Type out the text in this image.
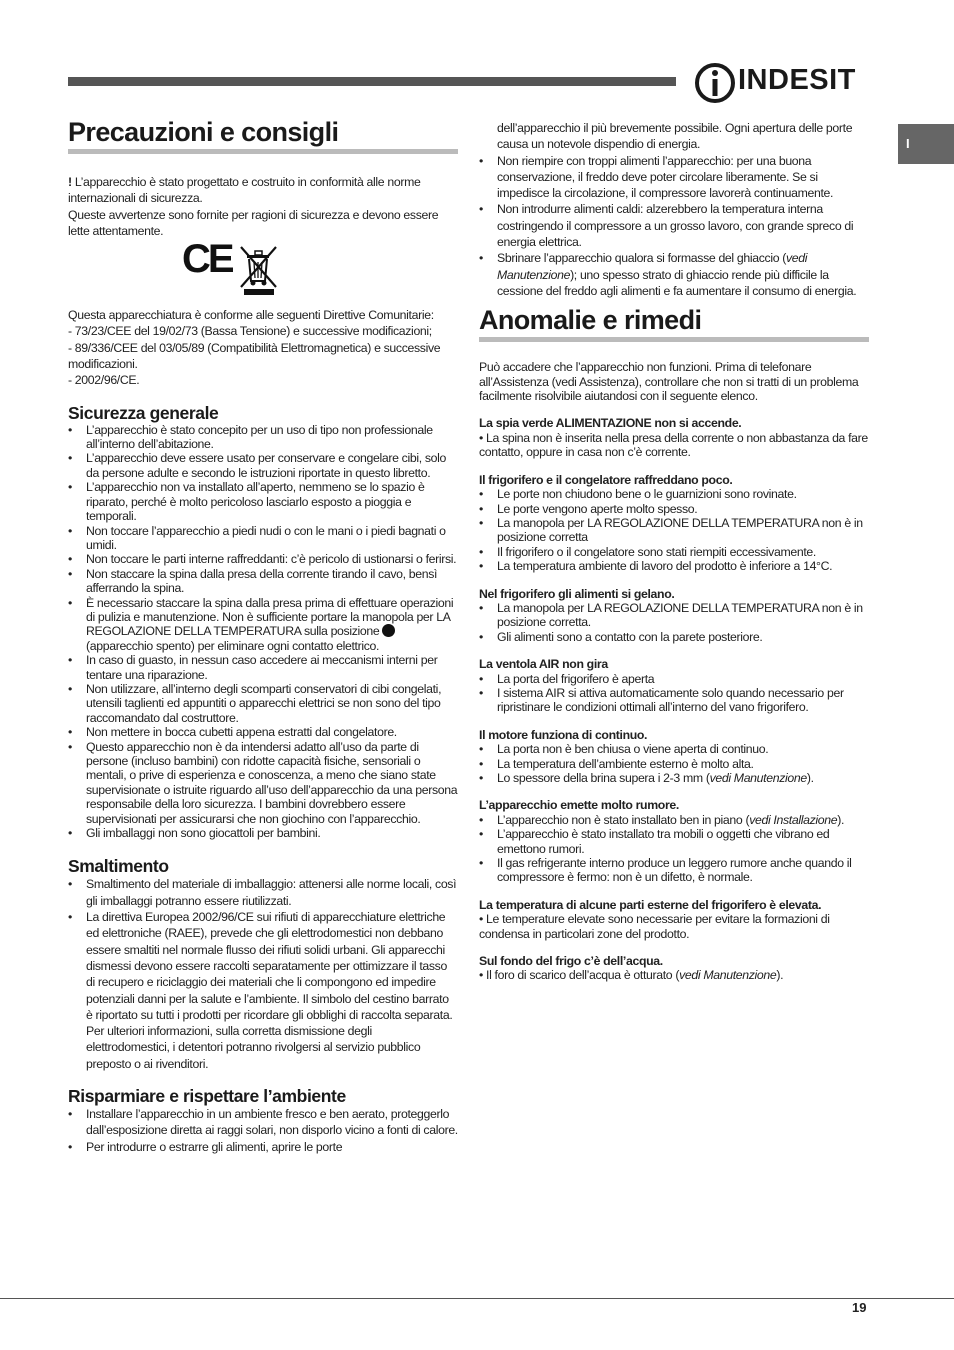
INDESIT
I
Precauzioni e consigli

! L’apparecchio è stato progettato e costruito in conformità alle norme internazionali di sicurezza.

Queste avvertenze sono fornite per ragioni di sicurezza e devono essere lette attentamente.

CE

Questa apparecchiatura è conforme alle seguenti Direttive Comunitarie:

- 73/23/CEE del 19/02/73 (Bassa Tensione) e successive modificazioni;

- 89/336/CEE del 03/05/89 (Compatibilità Elettromagnetica) e successive modificazioni.

- 2002/96/CE.

Sicurezza generale
• L’apparecchio è stato concepito per un uso di tipo non professionale all’interno dell’abitazione.
• L’apparecchio deve essere usato per conservare e congelare cibi, solo da persone adulte e secondo le istruzioni riportate in questo libretto.
• L’apparecchio non va installato all’aperto, nemmeno se lo spazio è riparato, perché è molto pericoloso lasciarlo esposto a pioggia e temporali.
• Non toccare l’apparecchio a piedi nudi o con le mani o i piedi bagnati o umidi.
• Non toccare le parti interne raffreddanti: c’è pericolo di ustionarsi o ferirsi.
• Non staccare la spina dalla presa della corrente tirando il cavo, bensì afferrando la spina.
• È necessario staccare la spina dalla presa prima di effettuare operazioni di pulizia e manutenzione. Non è sufficiente portare la manopola per LA REGOLAZIONE DELLA TEMPERATURA sulla posizione (apparecchio spento) per eliminare ogni contatto elettrico.
• In caso di guasto, in nessun caso accedere ai meccanismi interni per tentare una riparazione.
• Non utilizzare, all’interno degli scomparti conservatori di cibi congelati, utensili taglienti ed appuntiti o apparecchi elettrici se non sono del tipo raccomandato dal costruttore.
• Non mettere in bocca cubetti appena estratti dal congelatore.
• Questo apparecchio non è da intendersi adatto all’uso da parte di persone (incluso bambini) con ridotte capacità fisiche, sensoriali o mentali, o prive di esperienza e conoscenza, a meno che siano state supervisionate o istruite riguardo all’uso dell’apparecchio da una persona responsabile della loro sicurezza. I bambini dovrebbero essere supervisionati per assicurarsi che non giochino con l’apparecchio.
• Gli imballaggi non sono giocattoli per bambini.
Smaltimento
• Smaltimento del materiale di imballaggio: attenersi alle norme locali, così gli imballaggi potranno essere riutilizzati.
• La direttiva Europea 2002/96/CE sui rifiuti di apparecchiature elettriche ed elettroniche (RAEE), prevede che gli elettrodomestici non debbano essere smaltiti nel normale flusso dei rifiuti solidi urbani. Gli apparecchi dismessi devono essere raccolti separatamente per ottimizzare il tasso di recupero e riciclaggio dei materiali che li compongono ed impedire potenziali danni per la salute e l’ambiente. Il simbolo del cestino barrato è riportato su tutti i prodotti per ricordare gli obblighi di raccolta separata. Per ulteriori informazioni, sulla corretta dismissione degli elettrodomestici, i detentori potranno rivolgersi al servizio pubblico preposto o ai rivenditori.
Risparmiare e rispettare l’ambiente
• Installare l’apparecchio in un ambiente fresco e ben aerato, proteggerlo dall’esposizione diretta ai raggi solari, non disporlo vicino a fonti di calore.
• Per introdurre o estrarre gli alimenti, aprire le porte

dell’apparecchio il più brevemente possibile. Ogni apertura delle porte causa un notevole dispendio di energia.

• Non riempire con troppi alimenti l’apparecchio: per una buona conservazione, il freddo deve poter circolare liberamente. Se si impedisce la circolazione, il compressore lavorerà continuamente.
• Non introdurre alimenti caldi: alzerebbero la temperatura interna costringendo il compressore a un grosso lavoro, con grande spreco di energia elettrica.
• Sbrinare l’apparecchio qualora si formasse del ghiaccio (vedi Manutenzione); uno spesso strato di ghiaccio rende più difficile la cessione del freddo agli alimenti e fa aumentare il consumo di energia.
Anomalie e rimedi

Può accadere che l’apparecchio non funzioni. Prima di telefonare all’Assistenza (vedi Assistenza), controllare che non si tratti di un problema facilmente risolvibile aiutandosi con il seguente elenco.

La spia verde ALIMENTAZIONE non si accende.

• La spina non è inserita nella presa della corrente o non abbastanza da fare contatto, oppure in casa non c’è corrente.

Il frigorifero e il congelatore raffreddano poco.

• Le porte non chiudono bene o le guarnizioni sono rovinate.
• Le porte vengono aperte molto spesso.
• La manopola per LA REGOLAZIONE DELLA TEMPERATURA non è in posizione corretta
• Il frigorifero o il congelatore sono stati riempiti eccessivamente.
• La temperatura ambiente di lavoro del prodotto è inferiore a 14°C.

Nel frigorifero gli alimenti si gelano.

• La manopola per LA REGOLAZIONE DELLA TEMPERATURA non è in posizione corretta.
• Gli alimenti sono a contatto con la parete posteriore.

La ventola AIR non gira

• La porta del frigorifero è aperta
• I sistema AIR si attiva automaticamente solo quando necessario per ripristinare le condizioni ottimali all’interno del vano frigorifero.

Il motore funziona di continuo.

• La porta non è ben chiusa o viene aperta di continuo.
• La temperatura dell’ambiente esterno è molto alta.
• Lo spessore della brina supera i 2-3 mm (vedi Manutenzione).

L’apparecchio emette molto rumore.

• L’apparecchio non è stato installato ben in piano (vedi Installazione).
• L’apparecchio è stato installato tra mobili o oggetti che vibrano ed emettono rumori.
• Il gas refrigerante interno produce un leggero rumore anche quando il compressore è fermo: non è un difetto, è normale.

La temperatura di alcune parti esterne del frigorifero è elevata.

• Le temperature elevate sono necessarie per evitare la formazioni di condensa in particolari zone del prodotto.

Sul fondo del frigo c’è dell’acqua.

• Il foro di scarico dell’acqua è otturato (vedi Manutenzione).

19
